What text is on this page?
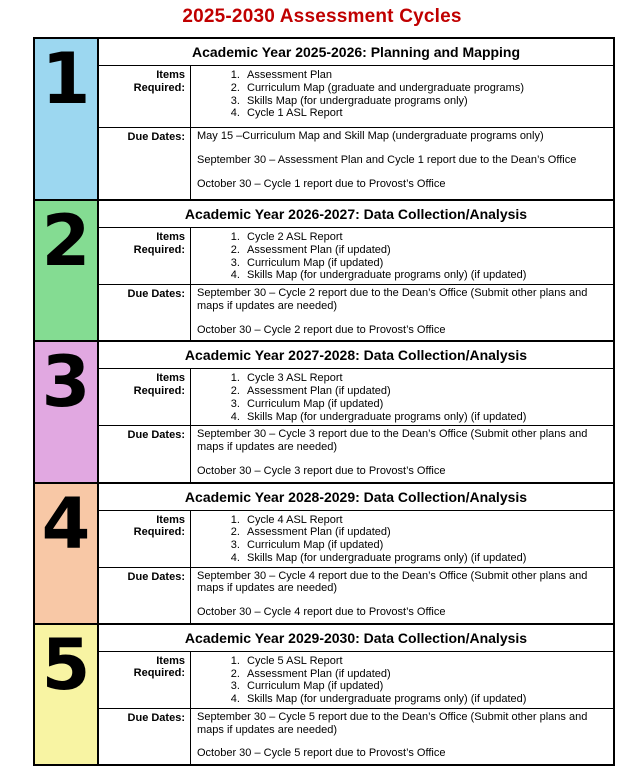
2025-2030 Assessment Cycles
1	Academic Year 2025-2026: Planning and Mapping
Items Required:
1. Assessment Plan
2. Curriculum Map (graduate and undergraduate programs)
3. Skills Map (for undergraduate programs only)
4. Cycle 1 ASL Report
Due Dates:	May 15 –Curriculum Map and Skill Map (undergraduate programs only)

September 30 – Assessment Plan and Cycle 1 report due to the Dean’s Office

October 30 – Cycle 1 report due to Provost’s Office

2	Academic Year 2026-2027: Data Collection/Analysis
Items Required:
1. Cycle 2 ASL Report
2. Assessment Plan (if updated)
3. Curriculum Map (if updated)
4. Skills Map (for undergraduate programs only) (if updated)
Due Dates:	September 30 – Cycle 2 report due to the Dean’s Office (Submit other plans and maps if updates are needed)

October 30 – Cycle 2 report due to Provost’s Office

3	Academic Year 2027-2028: Data Collection/Analysis
Items Required:
1. Cycle 3 ASL Report
2. Assessment Plan (if updated)
3. Curriculum Map (if updated)
4. Skills Map (for undergraduate programs only) (if updated)
Due Dates:	September 30 – Cycle 3 report due to the Dean’s Office (Submit other plans and maps if updates are needed)

October 30 – Cycle 3 report due to Provost’s Office

4	Academic Year 2028-2029: Data Collection/Analysis
Items Required:
1. Cycle 4 ASL Report
2. Assessment Plan (if updated)
3. Curriculum Map (if updated)
4. Skills Map (for undergraduate programs only) (if updated)
Due Dates:	September 30 – Cycle 4 report due to the Dean’s Office (Submit other plans and maps if updates are needed)

October 30 – Cycle 4 report due to Provost’s Office

5	Academic Year 2029-2030: Data Collection/Analysis
Items Required:
1. Cycle 5 ASL Report
2. Assessment Plan (if updated)
3. Curriculum Map (if updated)
4. Skills Map (for undergraduate programs only) (if updated)
Due Dates:	September 30 – Cycle 5 report due to the Dean’s Office (Submit other plans and maps if updates are needed)

October 30 – Cycle 5 report due to Provost’s Office
